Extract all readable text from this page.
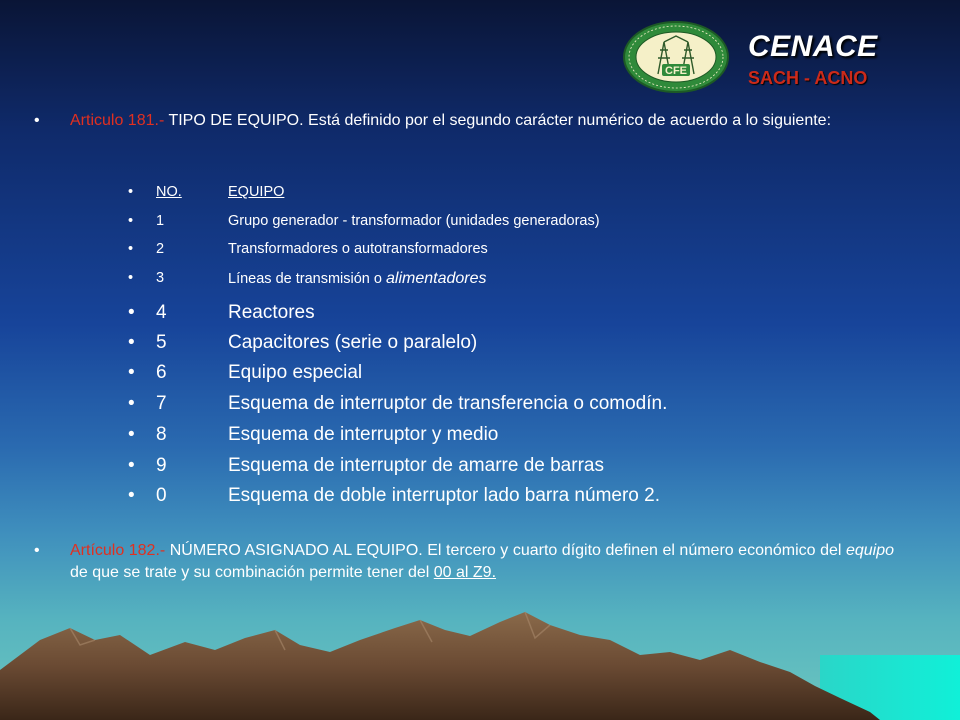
CFE
CENACE
SACH - ACNO
• Articulo 181.- TIPO DE EQUIPO. Está definido por el segundo carácter numérico de acuerdo a lo siguiente:
• NO.	EQUIPO
• 1	Grupo generador - transformador (unidades generadoras)
• 2	Transformadores o autotransformadores
• 3	Líneas de transmisión o alimentadores
• 4	Reactores
• 5	Capacitores (serie o paralelo)
• 6	Equipo especial
• 7	Esquema de interruptor de transferencia o comodín.
• 8	Esquema de interruptor y medio
• 9	Esquema de interruptor de amarre de barras
• 0	Esquema de doble interruptor lado barra número 2.
• Artículo 182.- NÚMERO ASIGNADO AL EQUIPO. El tercero y cuarto dígito definen el número económico del equipo de que se trate y su combinación permite tener del 00 al Z9.
